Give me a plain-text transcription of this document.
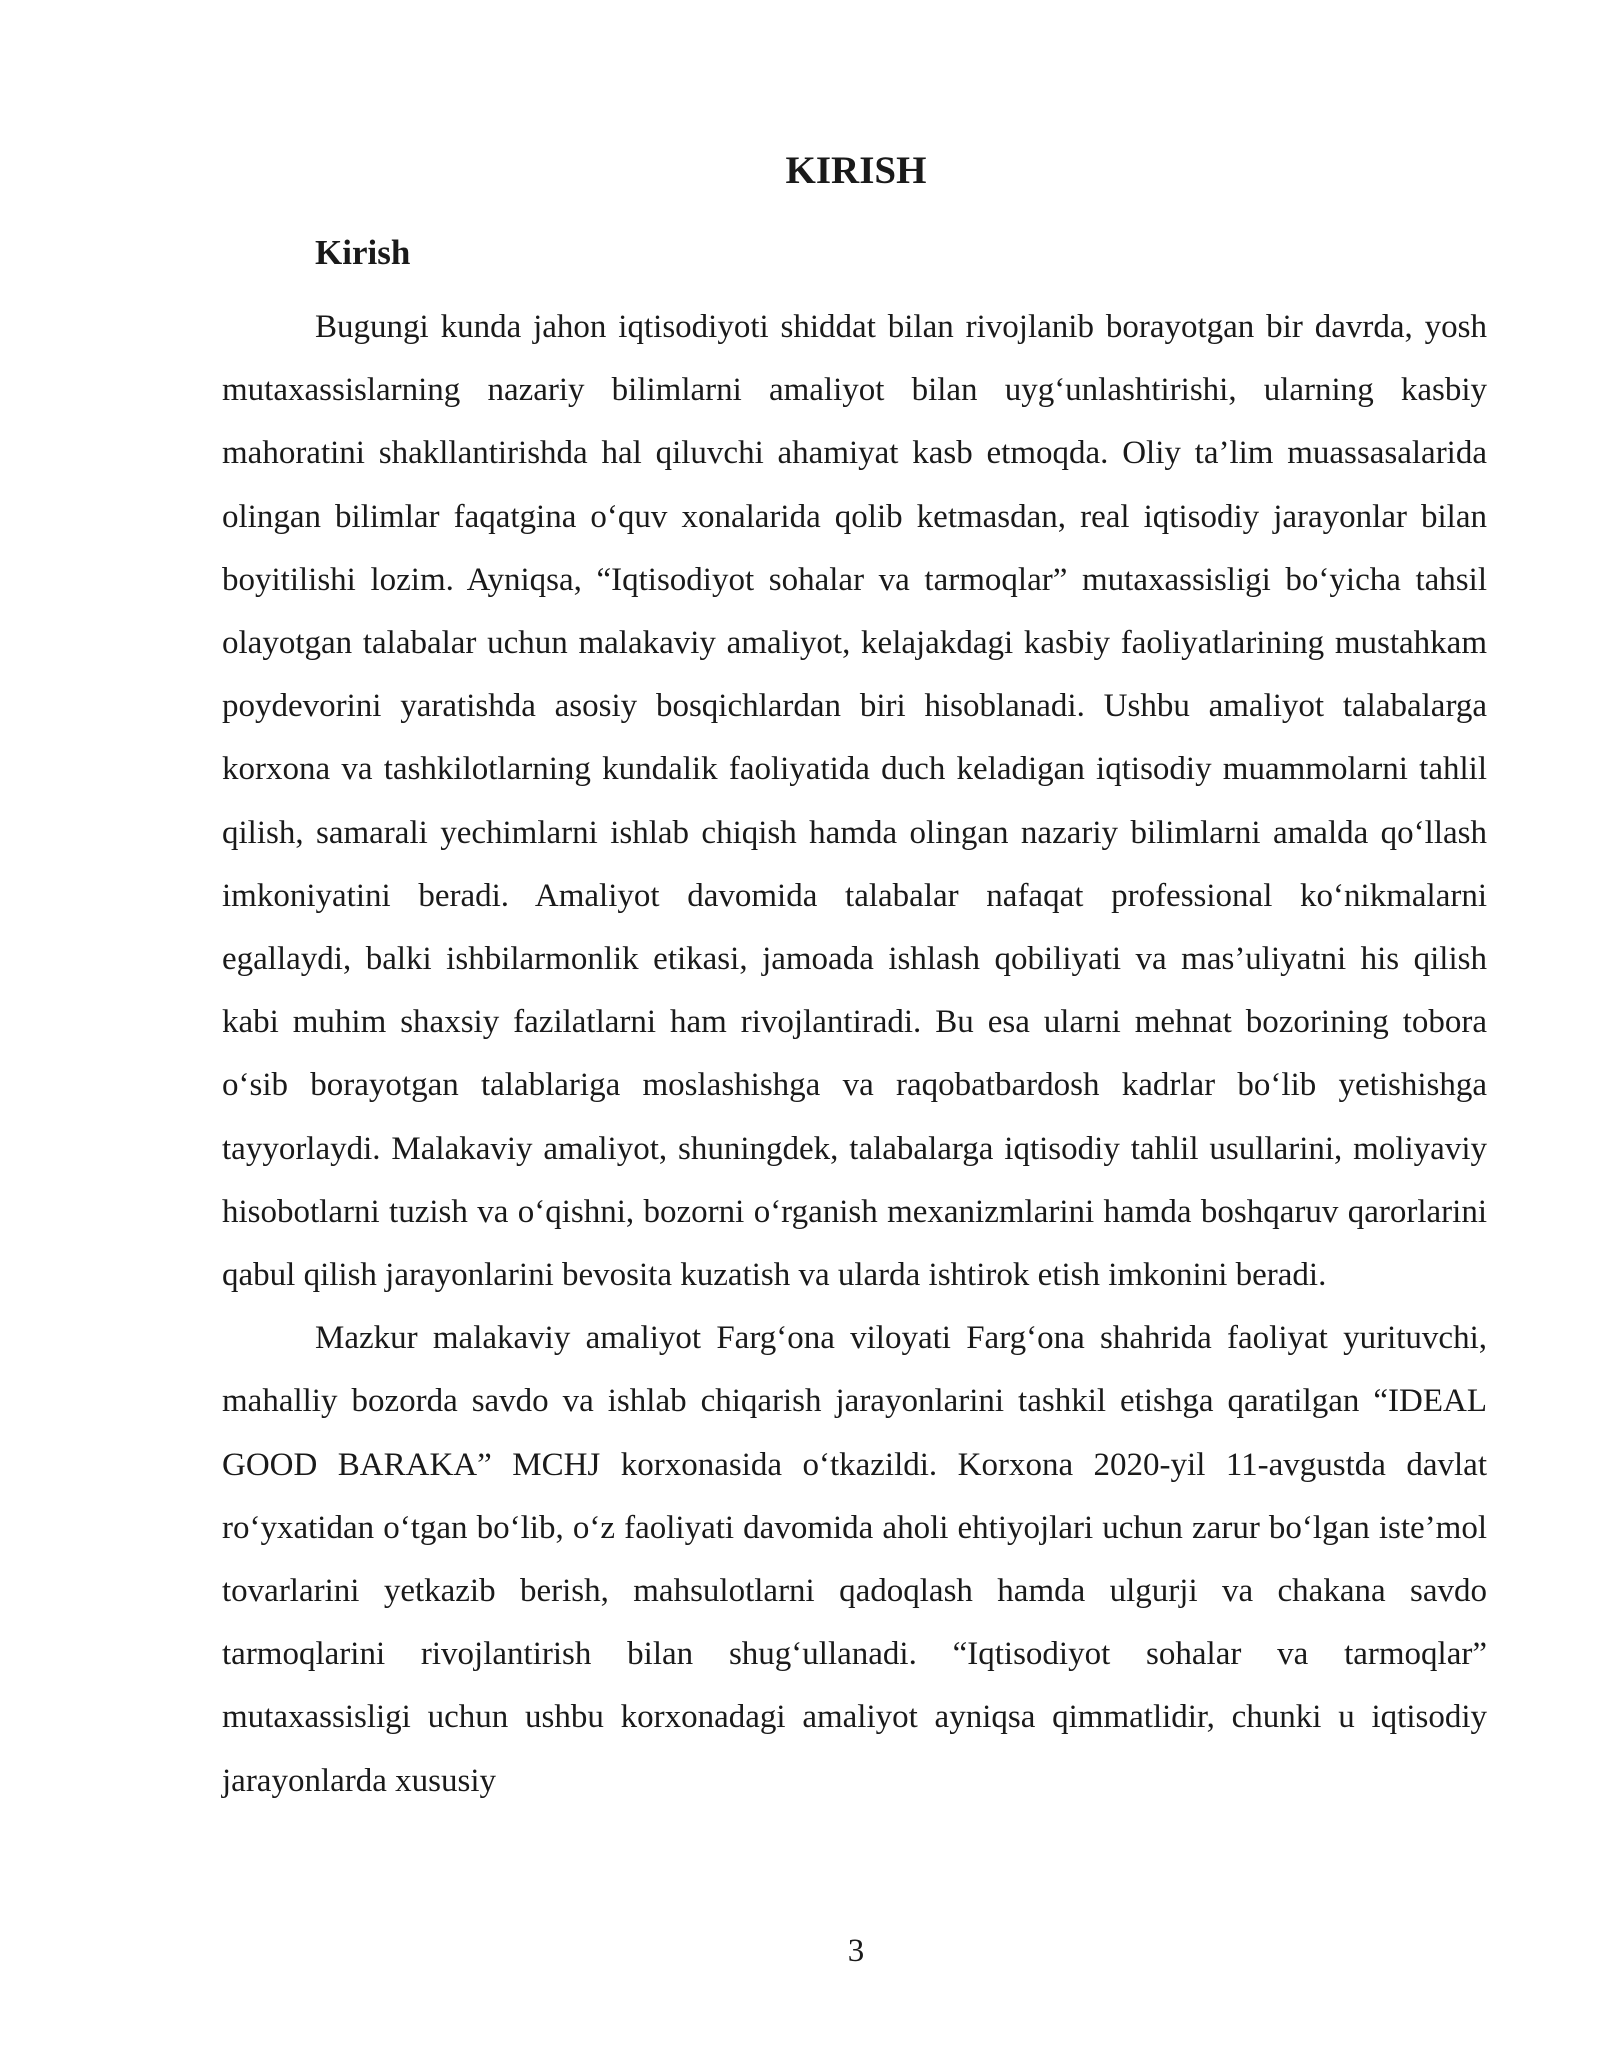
KIRISH
Kirish

Bugungi kunda jahon iqtisodiyoti shiddat bilan rivojlanib borayotgan bir davrda, yosh mutaxassislarning nazariy bilimlarni amaliyot bilan uyg‘unlashtirishi, ularning kasbiy mahoratini shakllantirishda hal qiluvchi ahamiyat kasb etmoqda. Oliy ta’lim muassasalarida olingan bilimlar faqatgina o‘quv xonalarida qolib ketmasdan, real iqtisodiy jarayonlar bilan boyitilishi lozim. Ayniqsa, “Iqtisodiyot sohalar va tarmoqlar” mutaxassisligi bo‘yicha tahsil olayotgan talabalar uchun malakaviy amaliyot, kelajakdagi kasbiy faoliyatlarining mustahkam poydevorini yaratishda asosiy bosqichlardan biri hisoblanadi. Ushbu amaliyot talabalarga korxona va tashkilotlarning kundalik faoliyatida duch keladigan iqtisodiy muammolarni tahlil qilish, samarali yechimlarni ishlab chiqish hamda olingan nazariy bilimlarni amalda qo‘llash imkoniyatini beradi. Amaliyot davomida talabalar nafaqat professional ko‘nikmalarni egallaydi, balki ishbilarmonlik etikasi, jamoada ishlash qobiliyati va mas’uliyatni his qilish kabi muhim shaxsiy fazilatlarni ham rivojlantiradi. Bu esa ularni mehnat bozorining tobora o‘sib borayotgan talablariga moslashishga va raqobatbardosh kadrlar bo‘lib yetishishga tayyorlaydi. Malakaviy amaliyot, shuningdek, talabalarga iqtisodiy tahlil usullarini, moliyaviy hisobotlarni tuzish va o‘qishni, bozorni o‘rganish mexanizmlarini hamda boshqaruv qarorlarini qabul qilish jarayonlarini bevosita kuzatish va ularda ishtirok etish imkonini beradi.

Mazkur malakaviy amaliyot Farg‘ona viloyati Farg‘ona shahrida faoliyat yurituvchi, mahalliy bozorda savdo va ishlab chiqarish jarayonlarini tashkil etishga qaratilgan “IDEAL GOOD BARAKA” MCHJ korxonasida o‘tkazildi. Korxona 2020-yil 11-avgustda davlat ro‘yxatidan o‘tgan bo‘lib, o‘z faoliyati davomida aholi ehtiyojlari uchun zarur bo‘lgan iste’mol tovarlarini yetkazib berish, mahsulotlarni qadoqlash hamda ulgurji va chakana savdo tarmoqlarini rivojlantirish bilan shug‘ullanadi. “Iqtisodiyot sohalar va tarmoqlar” mutaxassisligi uchun ushbu korxonadagi amaliyot ayniqsa qimmatlidir, chunki u iqtisodiy jarayonlarda xususiy

3
